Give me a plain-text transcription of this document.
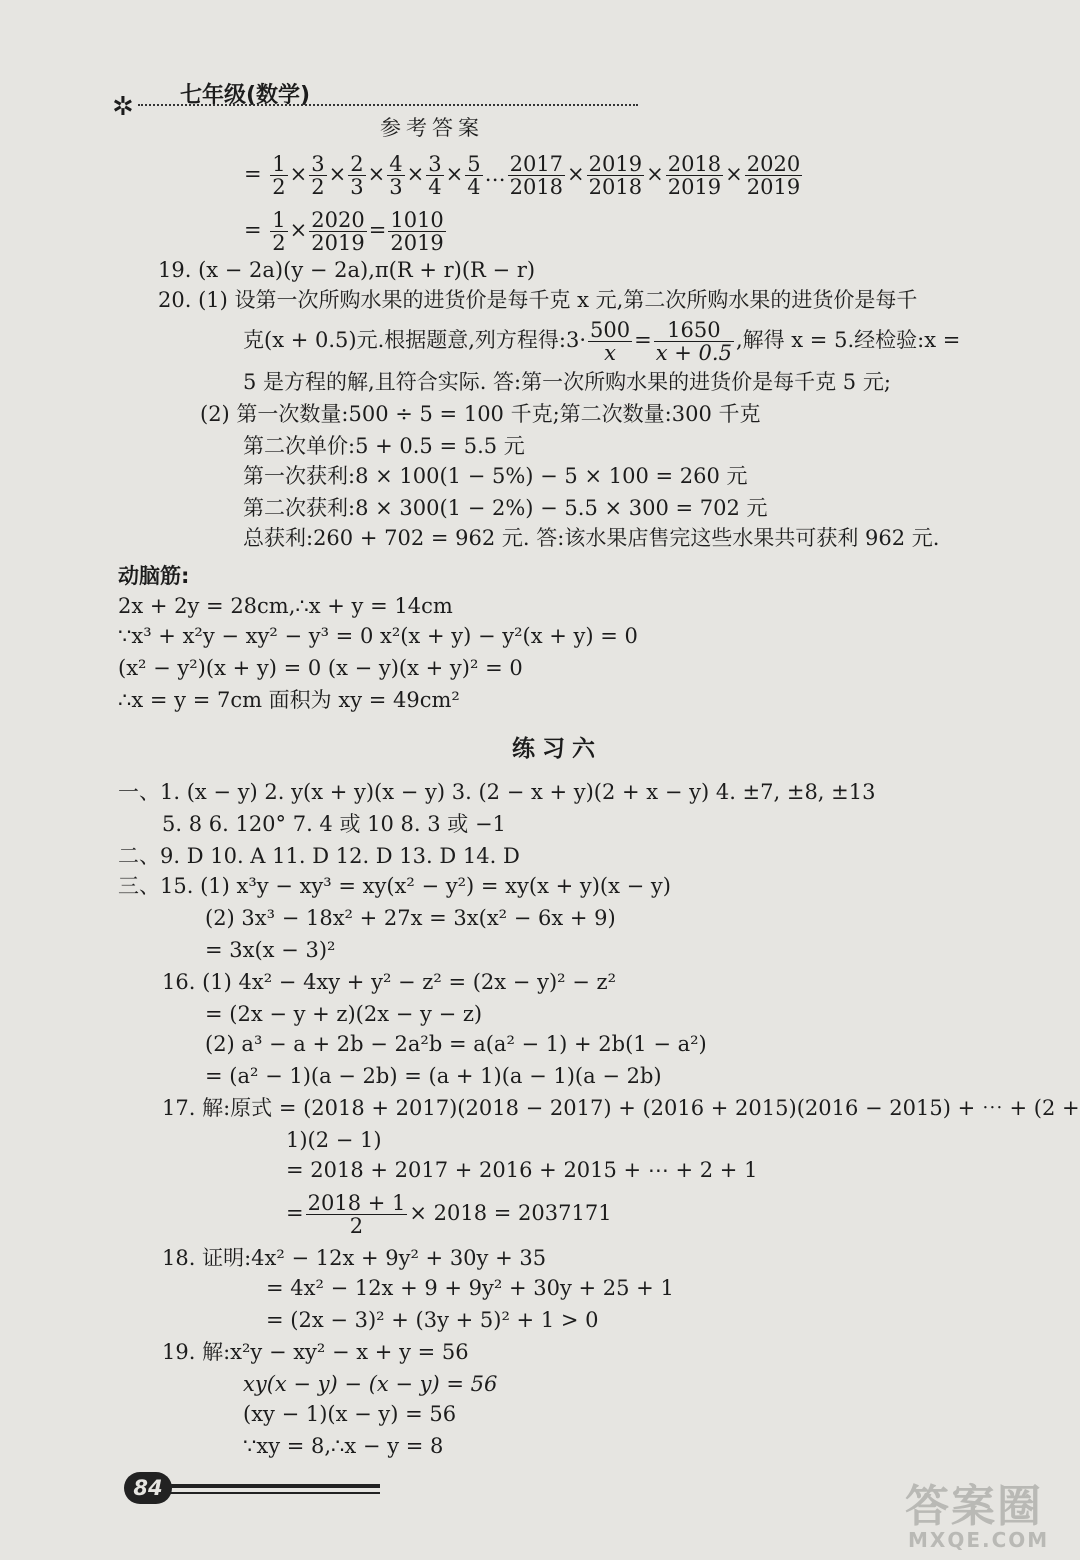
七年级(数学)
✲
参考答案
= $\frac{1}{2} \times \frac{3}{2} \times \frac{2}{3} \times \frac{4}{3} \times \frac{3}{4} \times \frac{5}{4}$ … $\frac{2017}{2018} \times \frac{2019}{2018} \times \frac{2018}{2019} \times \frac{2020}{2019}$
= $\frac{1}{2} \times \frac{2020}{2019} = \frac{1010}{2019}$
19. (x − 2a)(y − 2a),π(R + r)(R − r)
20. (1) 设第一次所购水果的进货价是每千克 x 元,第二次所购水果的进货价是每千
克(x + 0.5)元.根据题意,列方程得:3· $\frac{500}{x} = \frac{1650}{x + 0.5}$ ,解得 x = 5.经检验:x =
5 是方程的解,且符合实际. 答:第一次所购水果的进货价是每千克 5 元;
(2) 第一次数量:500 ÷ 5 = 100 千克;第二次数量:300 千克
第二次单价:5 + 0.5 = 5.5 元
第一次获利:8 × 100(1 − 5%) − 5 × 100 = 260 元
第二次获利:8 × 300(1 − 2%) − 5.5 × 300 = 702 元
总获利:260 + 702 = 962 元. 答:该水果店售完这些水果共可获利 962 元.
动脑筋:
2x + 2y = 28cm,∴x + y = 14cm
∵x³ + x²y − xy² − y³ = 0 x²(x + y) − y²(x + y) = 0
(x² − y²)(x + y) = 0 (x − y)(x + y)² = 0
∴x = y = 7cm 面积为 xy = 49cm²
练习六
一、1. (x − y) 2. y(x + y)(x − y) 3. (2 − x + y)(2 + x − y) 4. ±7, ±8, ±13
5. 8 6. 120° 7. 4 或 10 8. 3 或 −1
二、9. D 10. A 11. D 12. D 13. D 14. D
三、15. (1) x³y − xy³ = xy(x² − y²) = xy(x + y)(x − y)
(2) 3x³ − 18x² + 27x = 3x(x² − 6x + 9)
= 3x(x − 3)²
16. (1) 4x² − 4xy + y² − z² = (2x − y)² − z²
= (2x − y + z)(2x − y − z)
(2) a³ − a + 2b − 2a²b = a(a² − 1) + 2b(1 − a²)
= (a² − 1)(a − 2b) = (a + 1)(a − 1)(a − 2b)
17. 解:原式 = (2018 + 2017)(2018 − 2017) + (2016 + 2015)(2016 − 2015) + ⋯ + (2 +
1)(2 − 1)
= 2018 + 2017 + 2016 + 2015 + ⋯ + 2 + 1
= $\frac{2018 + 1}{2} \times 2018 = 2037171$
18. 证明:4x² − 12x + 9y² + 30y + 35
= 4x² − 12x + 9 + 9y² + 30y + 25 + 1
= (2x − 3)² + (3y + 5)² + 1 > 0
19. 解:x²y − xy² − x + y = 56
xy(x − y) − (x − y) = 56
(xy − 1)(x − y) = 56
∵xy = 8,∴x − y = 8
84	答案圈
MXQE.COM
